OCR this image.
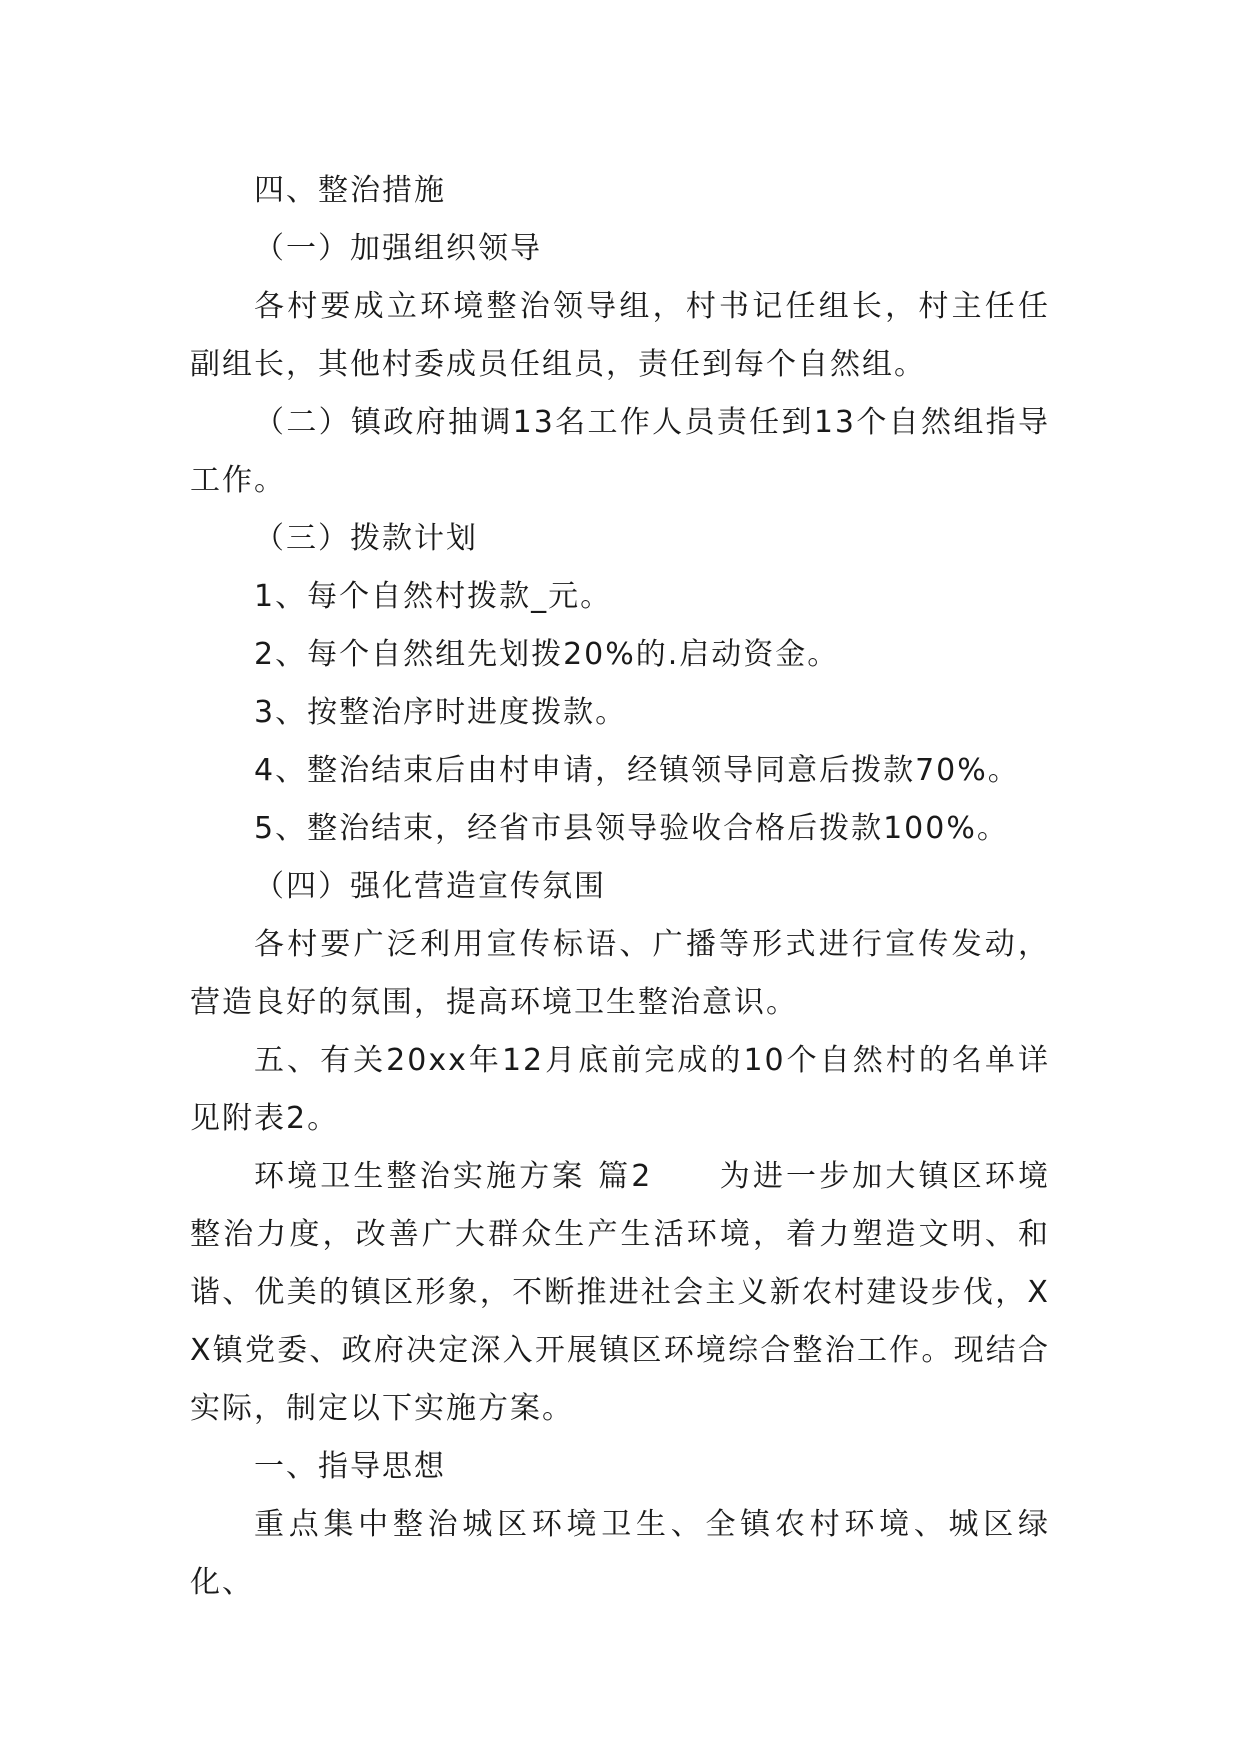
四、整治措施

（一）加强组织领导

各村要成立环境整治领导组，村书记任组长，村主任任副组长，其他村委成员任组员，责任到每个自然组。

（二）镇政府抽调13名工作人员责任到13个自然组指导工作。

（三）拨款计划

1、每个自然村拨款_元。

2、每个自然组先划拨20%的.启动资金。

3、按整治序时进度拨款。

4、整治结束后由村申请，经镇领导同意后拨款70%。

5、整治结束，经省市县领导验收合格后拨款100%。

（四）强化营造宣传氛围

各村要广泛利用宣传标语、广播等形式进行宣传发动，营造良好的氛围，提高环境卫生整治意识。

五、有关20xx年12月底前完成的10个自然村的名单详见附表2。

环境卫生整治实施方案 篇2　　为进一步加大镇区环境整治力度，改善广大群众生产生活环境，着力塑造文明、和谐、优美的镇区形象，不断推进社会主义新农村建设步伐，XX镇党委、政府决定深入开展镇区环境综合整治工作。现结合实际，制定以下实施方案。

一、指导思想

重点集中整治城区环境卫生、全镇农村环境、城区绿化、
